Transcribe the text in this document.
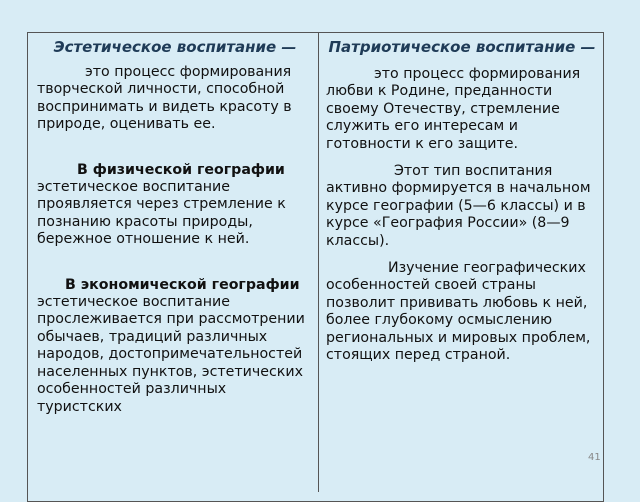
Эстетическое воспитание —

это процесс формирования творческой личности, способной воспринимать и видеть красоту в природе, оценивать ее.

В физической географии эстетическое воспитание проявляется через стремление к познанию красоты природы, бережное отношение к ней.

В экономической географии эстетическое воспитание прослеживается при рассмотрении обычаев, традиций различных народов, достопримечательностей населенных пунктов, эстетических особенностей различных туристских

Патриотическое воспитание —

это процесс формирования любви к Родине, преданности своему Отечеству, стремление служить его интересам и готовности к его защите.

Этот тип воспитания активно формируется в начальном курсе географии (5—6 классы) и в курсе «География России» (8—9 классы).

Изучение географических особенностей своей страны позволит прививать любовь к ней, более глубокому осмыслению региональных и мировых проблем, стоящих перед страной.

41
